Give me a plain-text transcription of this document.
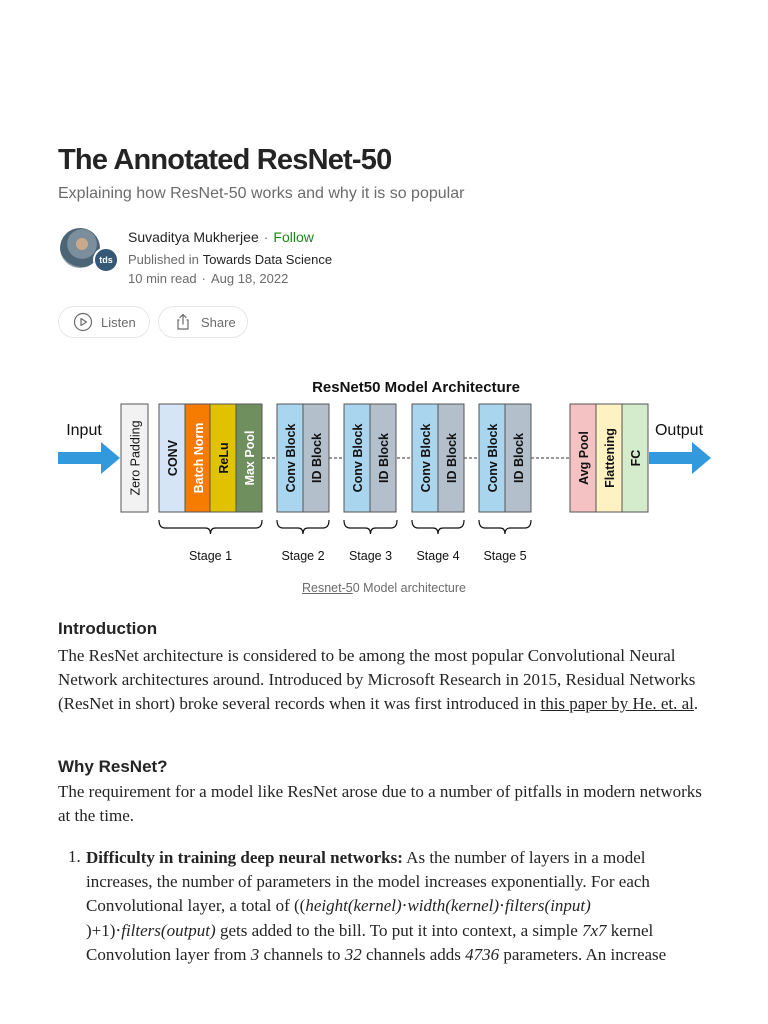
The Annotated ResNet-50

Explaining how ResNet-50 works and why it is so popular

tds
Suvaditya Mukherjee · Follow
Published in Towards Data Science
10 min read · Aug 18, 2022
Listen	Share
ResNet50 Model Architecture
Input	Output
Zero Padding CONV Batch Norm ReLu Max Pool Conv Block ID Block Conv Block ID Block Conv Block ID Block Conv Block ID Block	Avg Pool Flattening FC
Stage 1	Stage 2 Stage 3 Stage 4 Stage 5
Resnet-50 Model architecture
Introduction

The ResNet architecture is considered to be among the most popular Convolutional Neural Network architectures around. Introduced by Microsoft Research in 2015, Residual Networks (ResNet in short) broke several records when it was first introduced in this paper by He. et. al.

Why ResNet?

The requirement for a model like ResNet arose due to a number of pitfalls in modern networks at the time.

1. Difficulty in training deep neural networks: As the number of layers in a model increases, the number of parameters in the model increases exponentially. For each Convolutional layer, a total of ((height(kernel)⋅width(kernel)⋅filters(input)
)+1)⋅filters(output) gets added to the bill. To put it into context, a simple 7x7 kernel Convolution layer from 3 channels to 32 channels adds 4736 parameters. An increase
